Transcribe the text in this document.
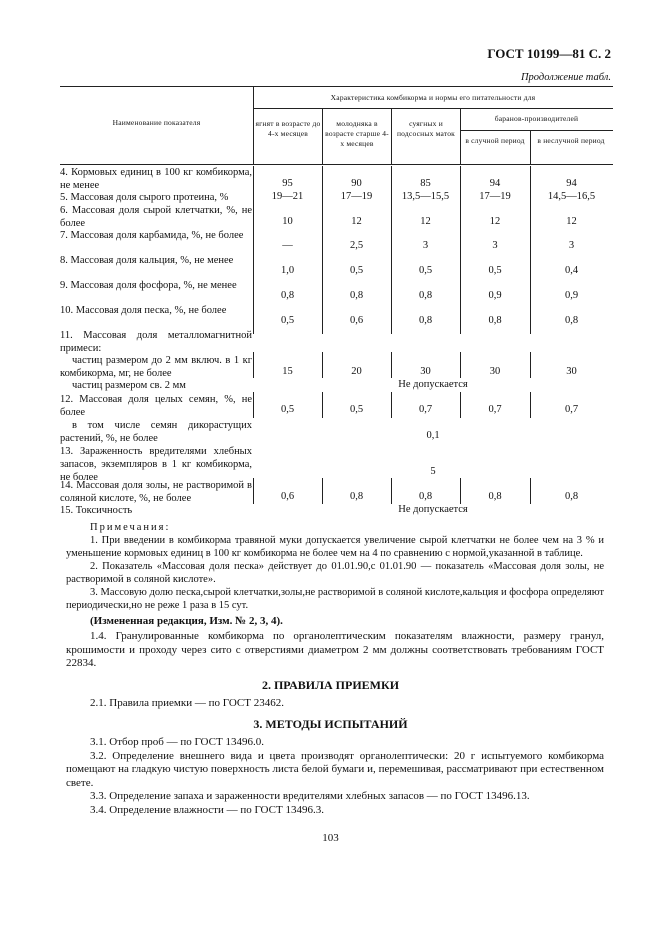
ГОСТ 10199—81 С. 2
Продолжение табл.
Наименование показателя
Характеристика комбикорма и нормы его питательности для
ягнят в возрасте до 4-х месяцев
молодняка в возрасте старше 4-х месяцев
суягных и подсосных маток
баранов-производителей
в случной период	в неслучной период
4. Кормовых единиц в 100 кг комбикорма, не менее	95	90	85	94	94
5. Массовая доля сырого протеина, %	19—21	17—19	13,5—15,5	17—19	14,5—16,5
6. Массовая доля сырой клетчатки, %, не более	10	12	12	12	12
7. Массовая доля карбамида, %, не более
—	2,5	3	3	3
8. Массовая доля кальция, %, не менее
1,0	0,5	0,5	0,5	0,4
9. Массовая доля фосфора, %, не менее
0,8	0,8	0,8	0,9	0,9
10. Массовая доля песка, %, не более
0,5	0,6	0,8	0,8	0,8
11. Массовая доля металломагнитной примеси:
частиц размером до 2 мм включ. в 1 кг комбикорма, мг, не более	15	20	30	30	30
частиц размером св. 2 мм	Не допускается
12. Массовая доля целых семян, %, не более	0,5	0,5	0,7	0,7	0,7
в том числе семян дикорастущих растений, %, не более	0,1
13. Зараженность вредителями хлебных запасов, экземпляров в 1 кг комбикорма, не более
5
14. Массовая доля золы, не растворимой в соляной кислоте, %, не более	0,6	0,8	0,8	0,8	0,8
15. Токсичность	Не допускается

Примечания:

1. При введении в комбикорма травяной муки допускается увеличение сырой клетчатки не более чем на 3 % и уменьшение кормовых единиц в 100 кг комбикорма не более чем на 4 по сравнению с нормой,указанной в таблице.

2. Показатель «Массовая доля песка» действует до 01.01.90,с 01.01.90 — показатель «Массовая доля золы, не растворимой в соляной кислоте».

3. Массовую долю песка,сырой клетчатки,золы,не растворимой в соляной кислоте,кальция и фосфора определяют периодически,но не реже 1 раза в 15 сут.

(Измененная редакция, Изм. № 2, 3, 4).

1.4. Гранулированные комбикорма по органолептическим показателям влажности, размеру гранул, крошимости и проходу через сито с отверстиями диаметром 2 мм должны соответствовать требованиям ГОСТ 22834.

2. ПРАВИЛА ПРИЕМКИ

2.1. Правила приемки — по ГОСТ 23462.

3. МЕТОДЫ ИСПЫТАНИЙ

3.1. Отбор проб — по ГОСТ 13496.0.

3.2. Определение внешнего вида и цвета производят органолептически: 20 г испытуемого комбикорма помещают на гладкую чистую поверхность листа белой бумаги и, перемешивая, рассматривают при естественном свете.

3.3. Определение запаха и зараженности вредителями хлебных запасов — по ГОСТ 13496.13.

3.4. Определение влажности — по ГОСТ 13496.3.

103
